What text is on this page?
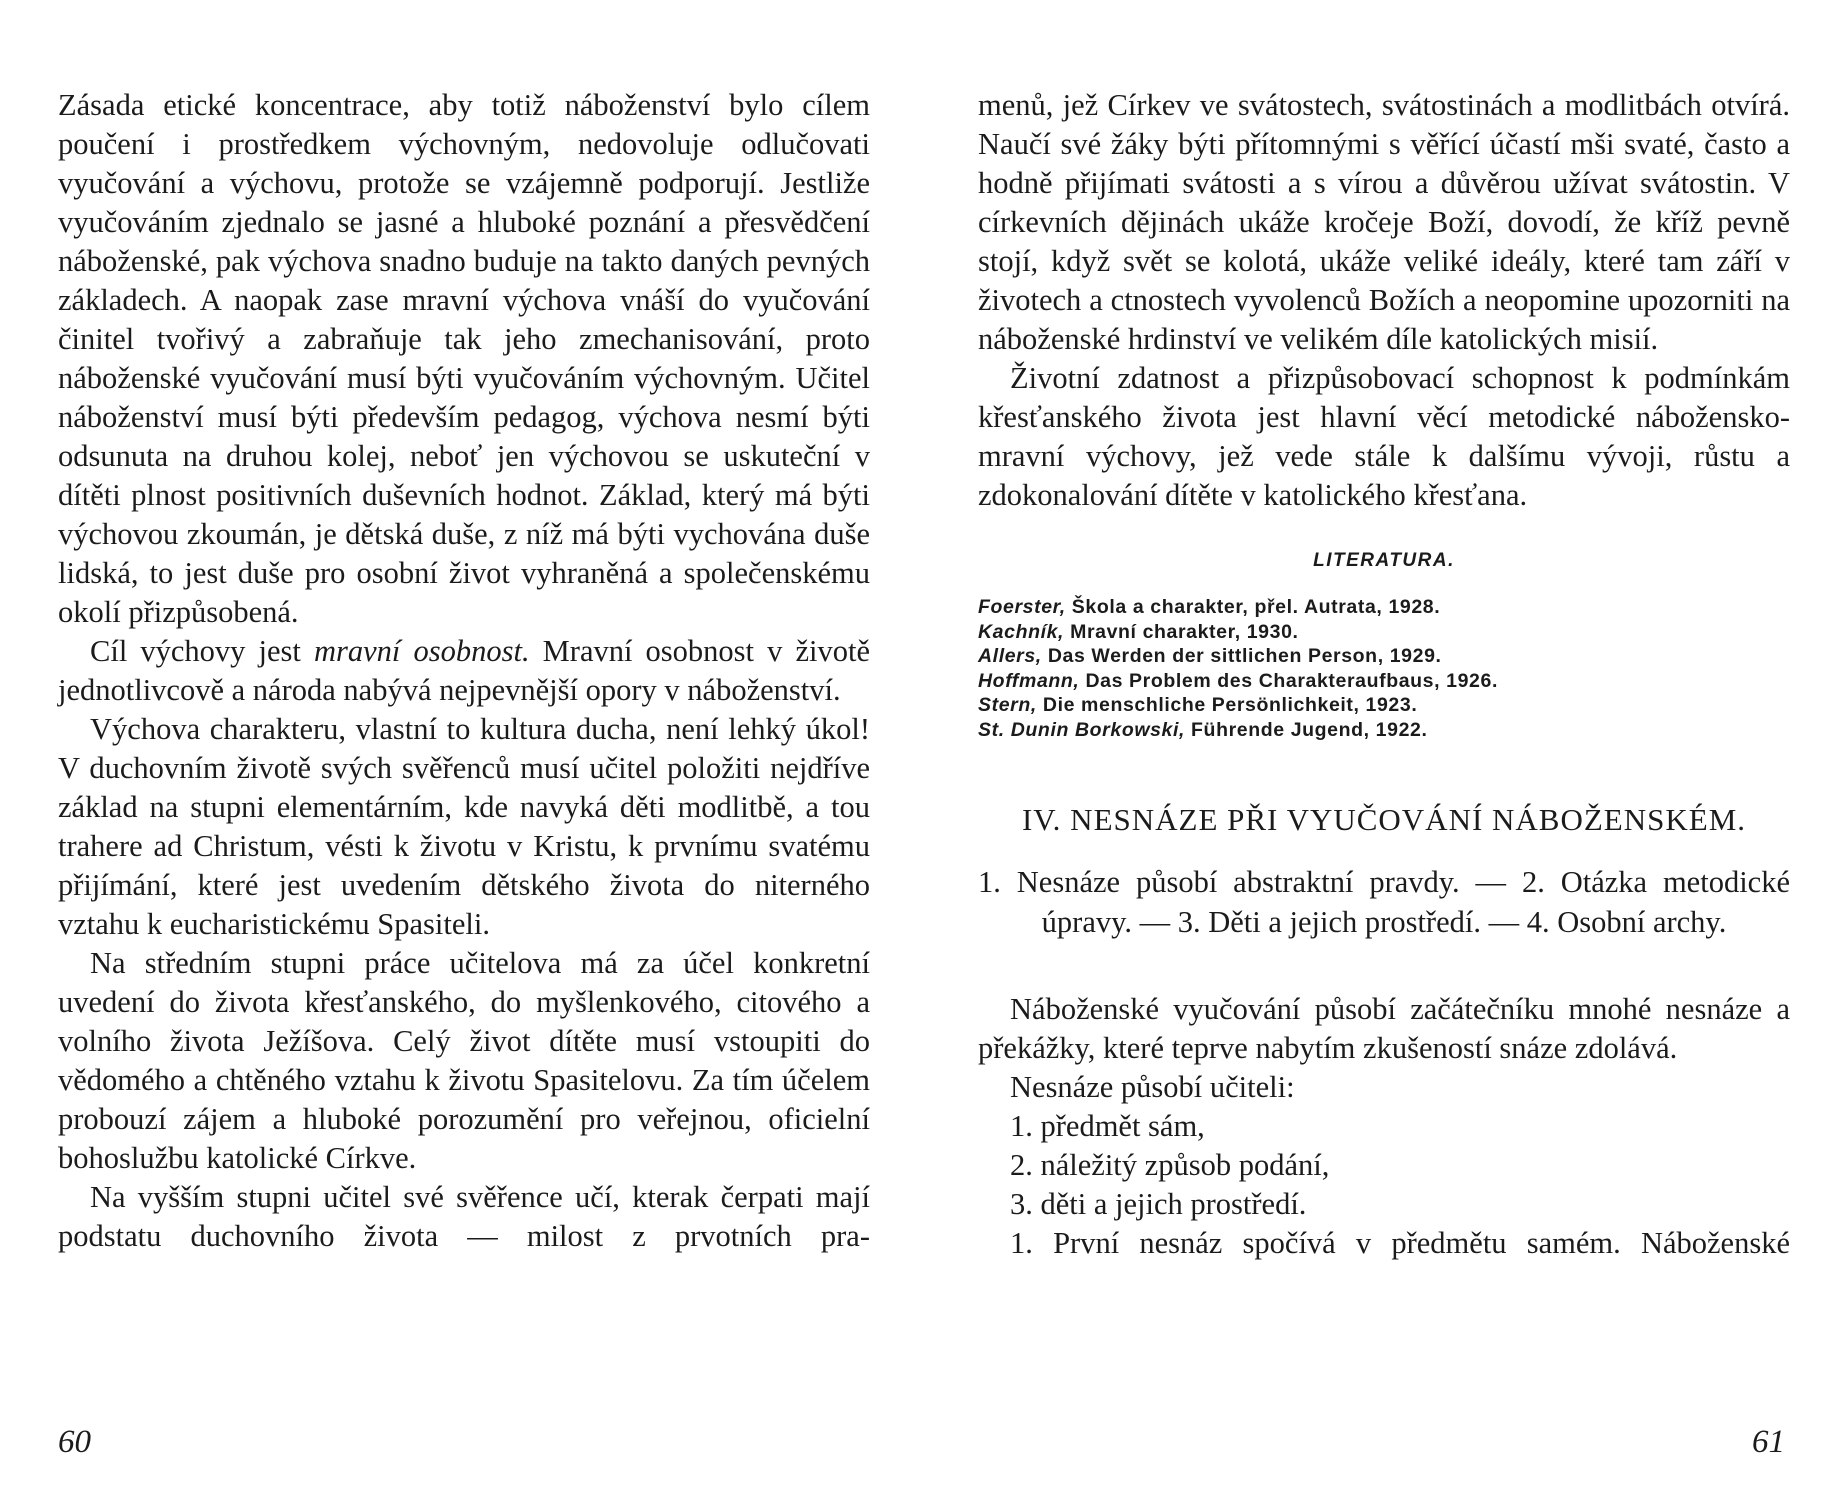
Zásada etické koncentrace, aby totiž náboženství bylo cílem poučení i prostředkem výchovným, nedovoluje odlučovati vyučování a výchovu, protože se vzájemně podporují. Jestliže vyučováním zjednalo se jasné a hluboké poznání a přesvědčení náboženské, pak výchova snadno buduje na takto daných pevných základech. A naopak zase mravní výchova vnáší do vyučování činitel tvořivý a zabraňuje tak jeho zmechanisování, proto náboženské vyučování musí býti vyučováním výchovným. Učitel náboženství musí býti především pedagog, výchova nesmí býti odsunuta na druhou kolej, neboť jen výchovou se uskuteční v dítěti plnost positivních duševních hodnot. Základ, který má býti výchovou zkoumán, je dětská duše, z níž má býti vychována duše lidská, to jest duše pro osobní život vyhraněná a společenskému okolí přizpůsobená.

Cíl výchovy jest mravní osobnost. Mravní osobnost v životě jednotlivcově a národa nabývá nejpevnější opory v náboženství.

Výchova charakteru, vlastní to kultura ducha, není lehký úkol! V duchovním životě svých svěřenců musí učitel položiti nejdříve základ na stupni elementárním, kde navyká děti modlitbě, a tou trahere ad Christum, vésti k životu v Kristu, k prvnímu svatému přijímání, které jest uvedením dětského života do niterného vztahu k eucharistickému Spasiteli.

Na středním stupni práce učitelova má za účel konkretní uvedení do života křesťanského, do myšlenkového, citového a volního života Ježíšova. Celý život dítěte musí vstoupiti do vědomého a chtěného vztahu k životu Spasitelovu. Za tím účelem probouzí zájem a hluboké porozumění pro veřejnou, oficielní bohoslužbu katolické Církve.

Na vyšším stupni učitel své svěřence učí, kterak čerpati mají podstatu duchovního života — milost z prvotních pra-

60

menů, jež Církev ve svátostech, svátostinách a modlitbách otvírá. Naučí své žáky býti přítomnými s věřící účastí mši svaté, často a hodně přijímati svátosti a s vírou a důvěrou užívat svátostin. V církevních dějinách ukáže kročeje Boží, dovodí, že kříž pevně stojí, když svět se kolotá, ukáže veliké ideály, které tam září v životech a ctnostech vyvolenců Božích a neopomine upozorniti na náboženské hrdinství ve velikém díle katolických misií.

Životní zdatnost a přizpůsobovací schopnost k podmínkám křesťanského života jest hlavní věcí metodické nábožensko-mravní výchovy, jež vede stále k dalšímu vývoji, růstu a zdokonalování dítěte v katolického křesťana.

LITERATURA.
Foerster, Škola a charakter, přel. Autrata, 1928.
Kachník, Mravní charakter, 1930.
Allers, Das Werden der sittlichen Person, 1929.
Hoffmann, Das Problem des Charakteraufbaus, 1926.
Stern, Die menschliche Persönlichkeit, 1923.
St. Dunin Borkowski, Führende Jugend, 1922.
IV. NESNÁZE PŘI VYUČOVÁNÍ NÁBOŽENSKÉM.
1. Nesnáze působí abstraktní pravdy. — 2. Otázka metodické úpravy. — 3. Děti a jejich prostředí. — 4. Osobní archy.

Náboženské vyučování působí začátečníku mnohé nesnáze a překážky, které teprve nabytím zkušeností snáze zdolává.

Nesnáze působí učiteli:
1. předmět sám,
2. náležitý způsob podání,
3. děti a jejich prostředí.

1. První nesnáz spočívá v předmětu samém. Náboženské

61
